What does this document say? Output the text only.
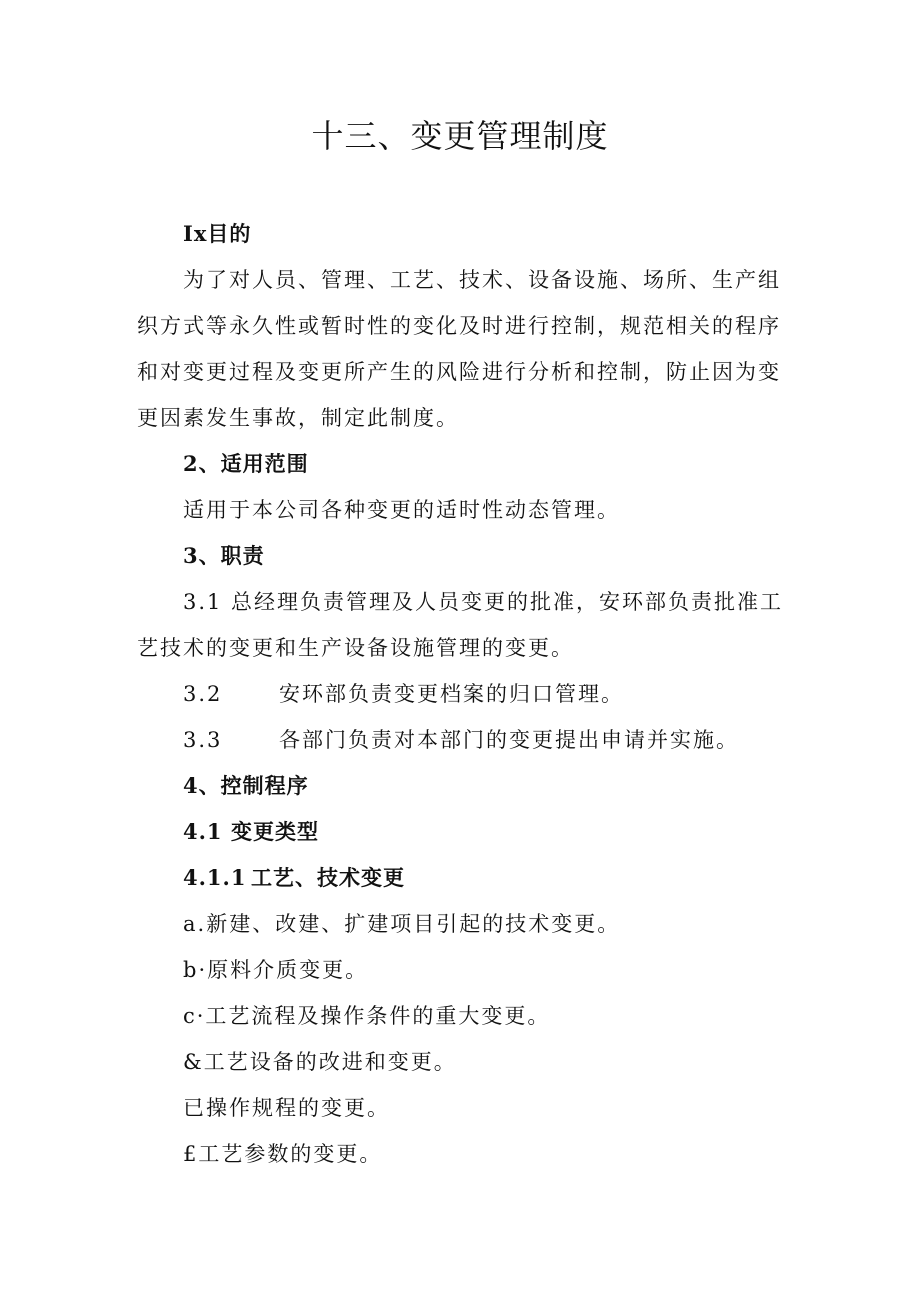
十三、变更管理制度
Ix目的
为了对人员、管理、工艺、技术、设备设施、场所、生产组
织方式等永久性或暂时性的变化及时进行控制，规范相关的程序
和对变更过程及变更所产生的风险进行分析和控制，防止因为变
更因素发生事故，制定此制度。
2、适用范围
适用于本公司各种变更的适时性动态管理。
3、职责
3.1 总经理负责管理及人员变更的批准，安环部负责批准工
艺技术的变更和生产设备设施管理的变更。
3.2	安环部负责变更档案的归口管理。
3.3	各部门负责对本部门的变更提出申请并实施。
4、控制程序
4.1 变更类型
4.1.1 工艺、技术变更
a.新建、改建、扩建项目引起的技术变更。
b·原料介质变更。
c·工艺流程及操作条件的重大变更。
&工艺设备的改进和变更。
已操作规程的变更。
£工艺参数的变更。
